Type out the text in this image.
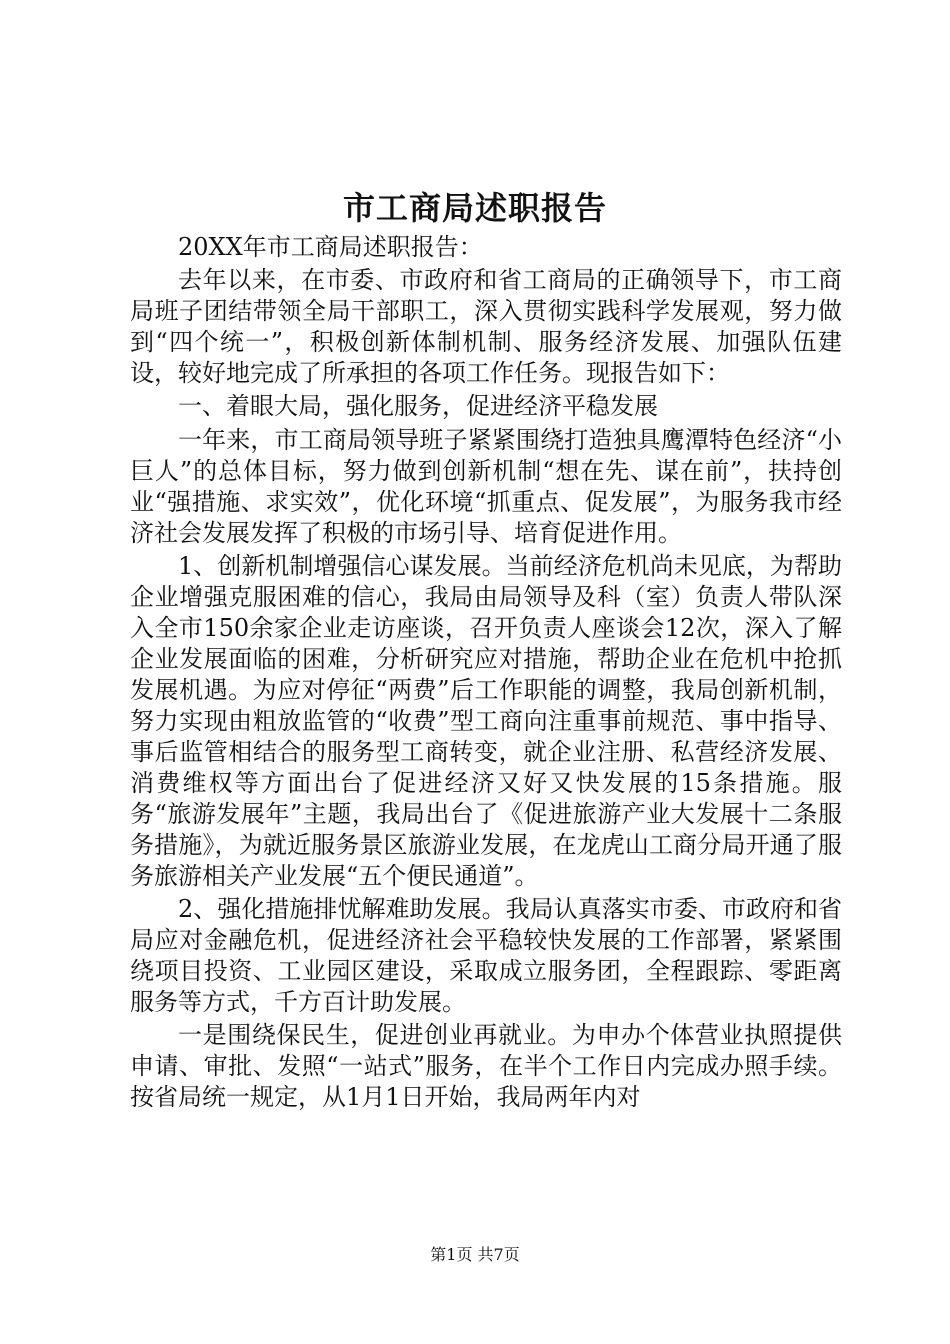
市工商局述职报告

20XX年市工商局述职报告：

去年以来，在市委、市政府和省工商局的正确领导下，市工商局班子团结带领全局干部职工，深入贯彻实践科学发展观，努力做到“四个统一”，积极创新体制机制、服务经济发展、加强队伍建设，较好地完成了所承担的各项工作任务。现报告如下：

一、着眼大局，强化服务，促进经济平稳发展

一年来，市工商局领导班子紧紧围绕打造独具鹰潭特色经济“小巨人”的总体目标，努力做到创新机制“想在先、谋在前”，扶持创业“强措施、求实效”，优化环境“抓重点、促发展”，为服务我市经济社会发展发挥了积极的市场引导、培育促进作用。

1、创新机制增强信心谋发展。当前经济危机尚未见底，为帮助企业增强克服困难的信心，我局由局领导及科（室）负责人带队深入全市150余家企业走访座谈，召开负责人座谈会12次，深入了解企业发展面临的困难，分析研究应对措施，帮助企业在危机中抢抓发展机遇。为应对停征“两费”后工作职能的调整，我局创新机制，努力实现由粗放监管的“收费”型工商向注重事前规范、事中指导、事后监管相结合的服务型工商转变，就企业注册、私营经济发展、消费维权等方面出台了促进经济又好又快发展的15条措施。服务“旅游发展年”主题，我局出台了《促进旅游产业大发展十二条服务措施》，为就近服务景区旅游业发展，在龙虎山工商分局开通了服务旅游相关产业发展“五个便民通道”。

2、强化措施排忧解难助发展。我局认真落实市委、市政府和省局应对金融危机，促进经济社会平稳较快发展的工作部署，紧紧围绕项目投资、工业园区建设，采取成立服务团，全程跟踪、零距离服务等方式，千方百计助发展。

一是围绕保民生，促进创业再就业。为申办个体营业执照提供申请、审批、发照“一站式”服务，在半个工作日内完成办照手续。按省局统一规定，从1月1日开始，我局两年内对

第1页 共7页
